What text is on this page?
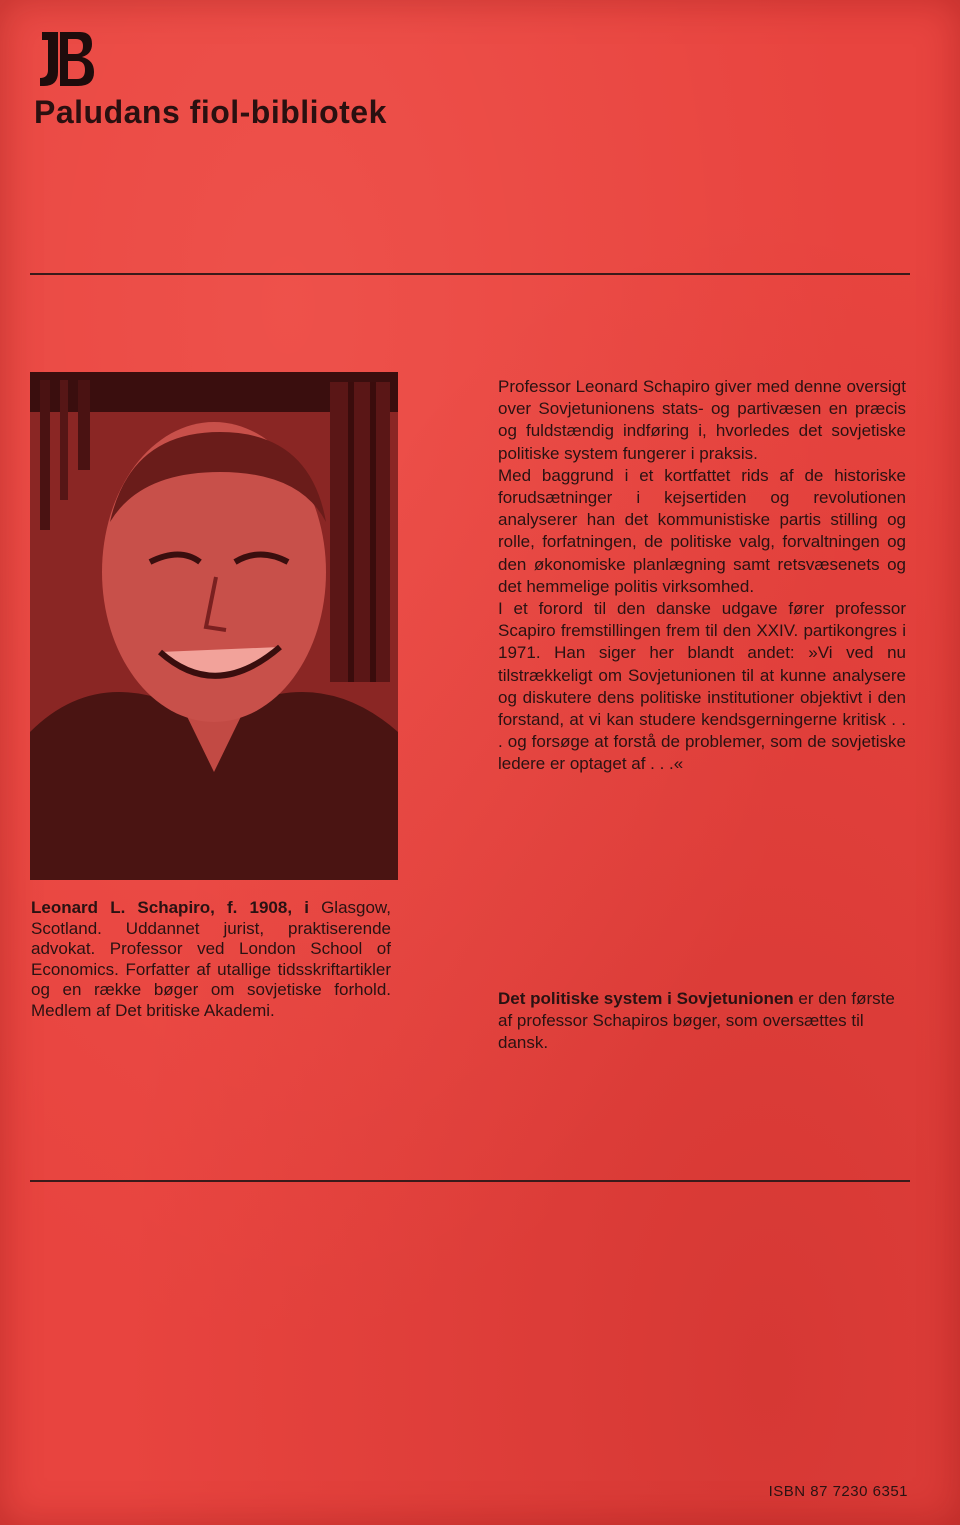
Paludans fiol-bibliotek
Leonard L. Schapiro, f. 1908, i Glasgow, Scotland. Uddannet jurist, praktiserende advokat. Professor ved London School of Economics. Forfatter af utallige tidsskriftartikler og en række bøger om sovjetiske forhold. Medlem af Det britiske Akademi.

Professor Leonard Schapiro giver med denne oversigt over Sovjetunionens stats- og partivæsen en præcis og fuldstændig indføring i, hvorledes det sovjetiske politiske system fungerer i praksis.

Med baggrund i et kortfattet rids af de historiske forudsætninger i kejsertiden og revolutionen analyserer han det kommunistiske partis stilling og rolle, forfatningen, de politiske valg, forvaltningen og den økonomiske planlægning samt retsvæsenets og det hemmelige politis virksomhed.

I et forord til den danske udgave fører professor Scapiro fremstillingen frem til den XXIV. partikongres i 1971. Han siger her blandt andet: »Vi ved nu tilstrækkeligt om Sovjetunionen til at kunne analysere og diskutere dens politiske institutioner objektivt i den forstand, at vi kan studere kendsgerningerne kritisk . . . og forsøge at forstå de problemer, som de sovjetiske ledere er optaget af . . .«

Det politiske system i Sovjetunionen er den første af professor Schapiros bøger, som oversættes til dansk.
ISBN 87 7230 6351
